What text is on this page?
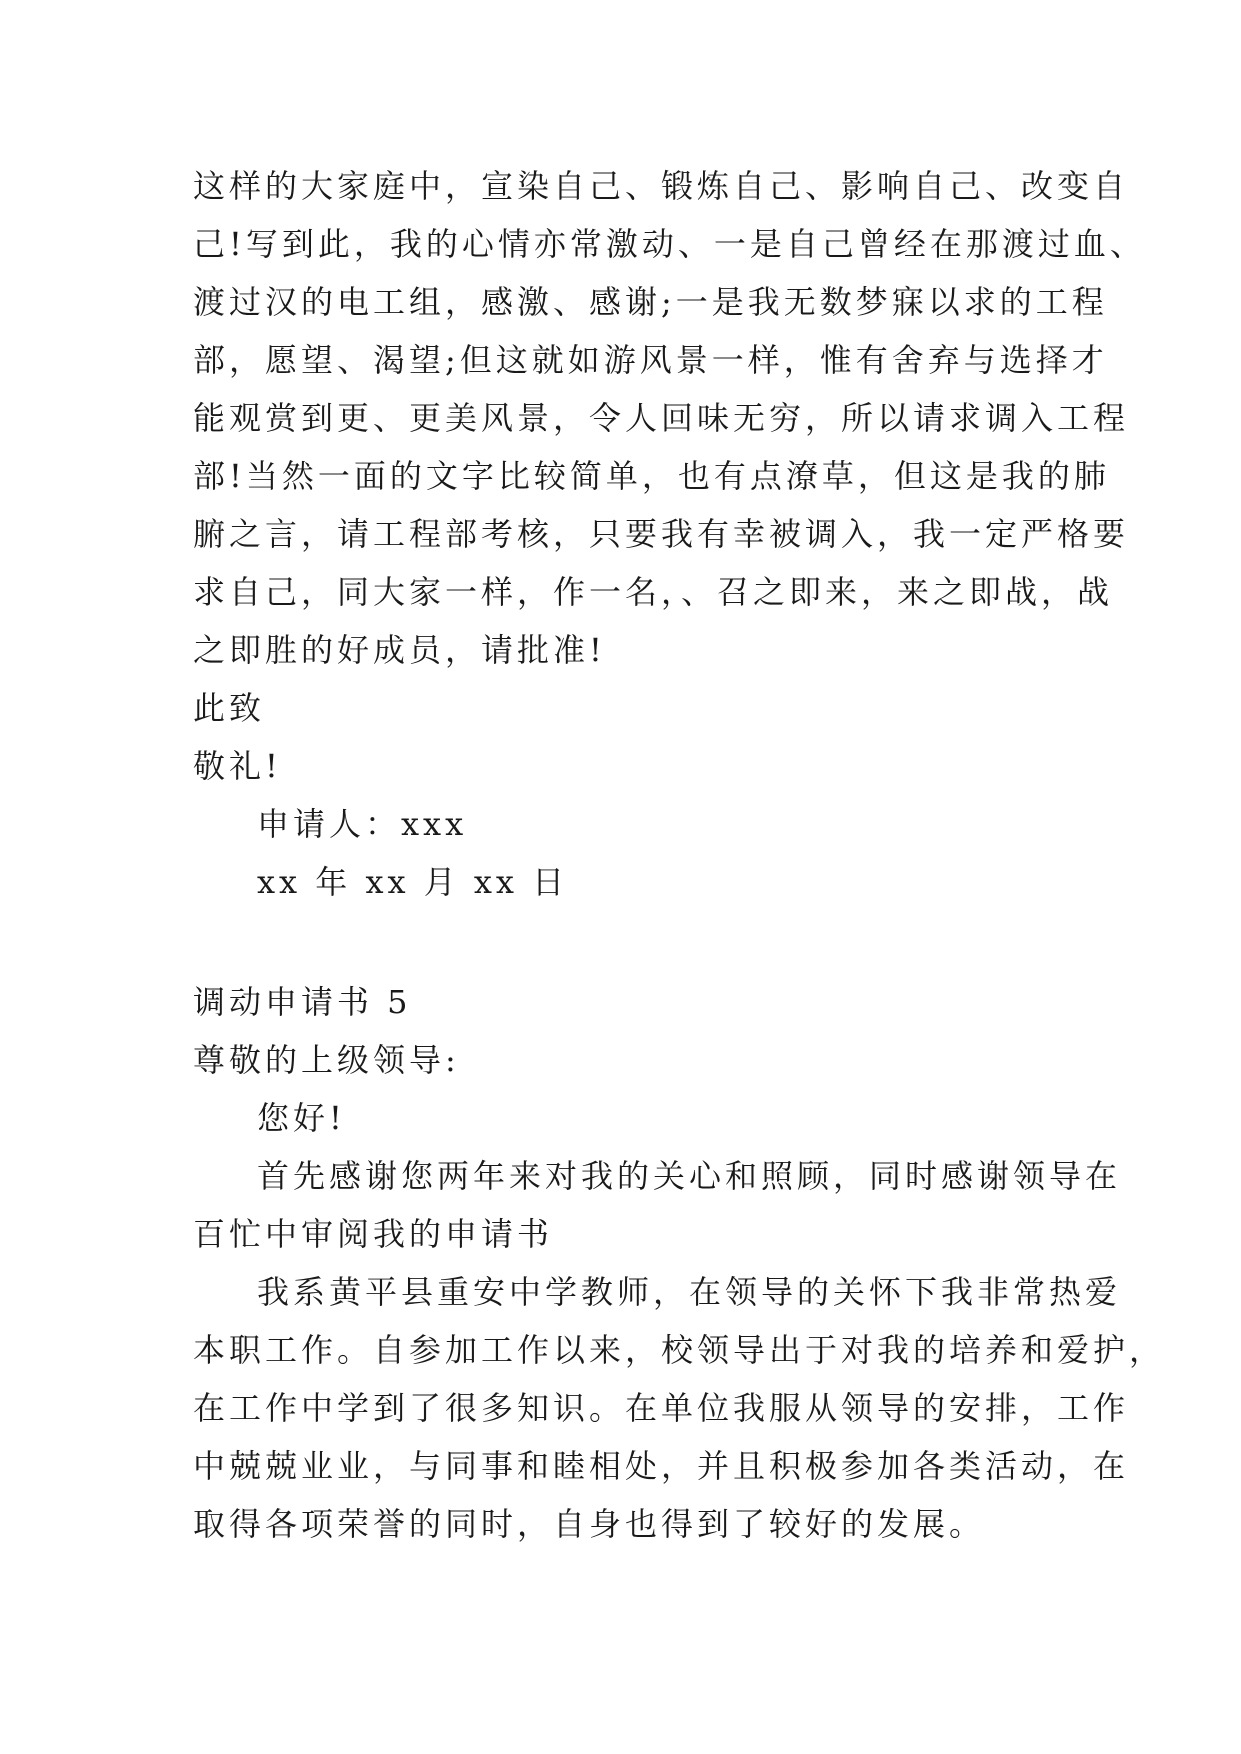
这样的大家庭中，宣染自己、锻炼自己、影响自己、改变自
己!写到此，我的心情亦常激动、一是自己曾经在那渡过血、
渡过汉的电工组，感激、感谢;一是我无数梦寐以求的工程
部，愿望、渴望;但这就如游风景一样，惟有舍弃与选择才
能观赏到更、更美风景，令人回味无穷，所以请求调入工程
部!当然一面的文字比较简单，也有点潦草，但这是我的肺
腑之言，请工程部考核，只要我有幸被调入，我一定严格要
求自己，同大家一样，作一名，、召之即来，来之即战，战
之即胜的好成员，请批准!
此致
敬礼!
申请人：xxx
xx 年 xx 月 xx 日
调动申请书 5
尊敬的上级领导:
您好!
首先感谢您两年来对我的关心和照顾，同时感谢领导在
百忙中审阅我的申请书
我系黄平县重安中学教师，在领导的关怀下我非常热爱
本职工作。自参加工作以来，校领导出于对我的培养和爱护，
在工作中学到了很多知识。在单位我服从领导的安排，工作
中兢兢业业，与同事和睦相处，并且积极参加各类活动，在
取得各项荣誉的同时，自身也得到了较好的发展。
